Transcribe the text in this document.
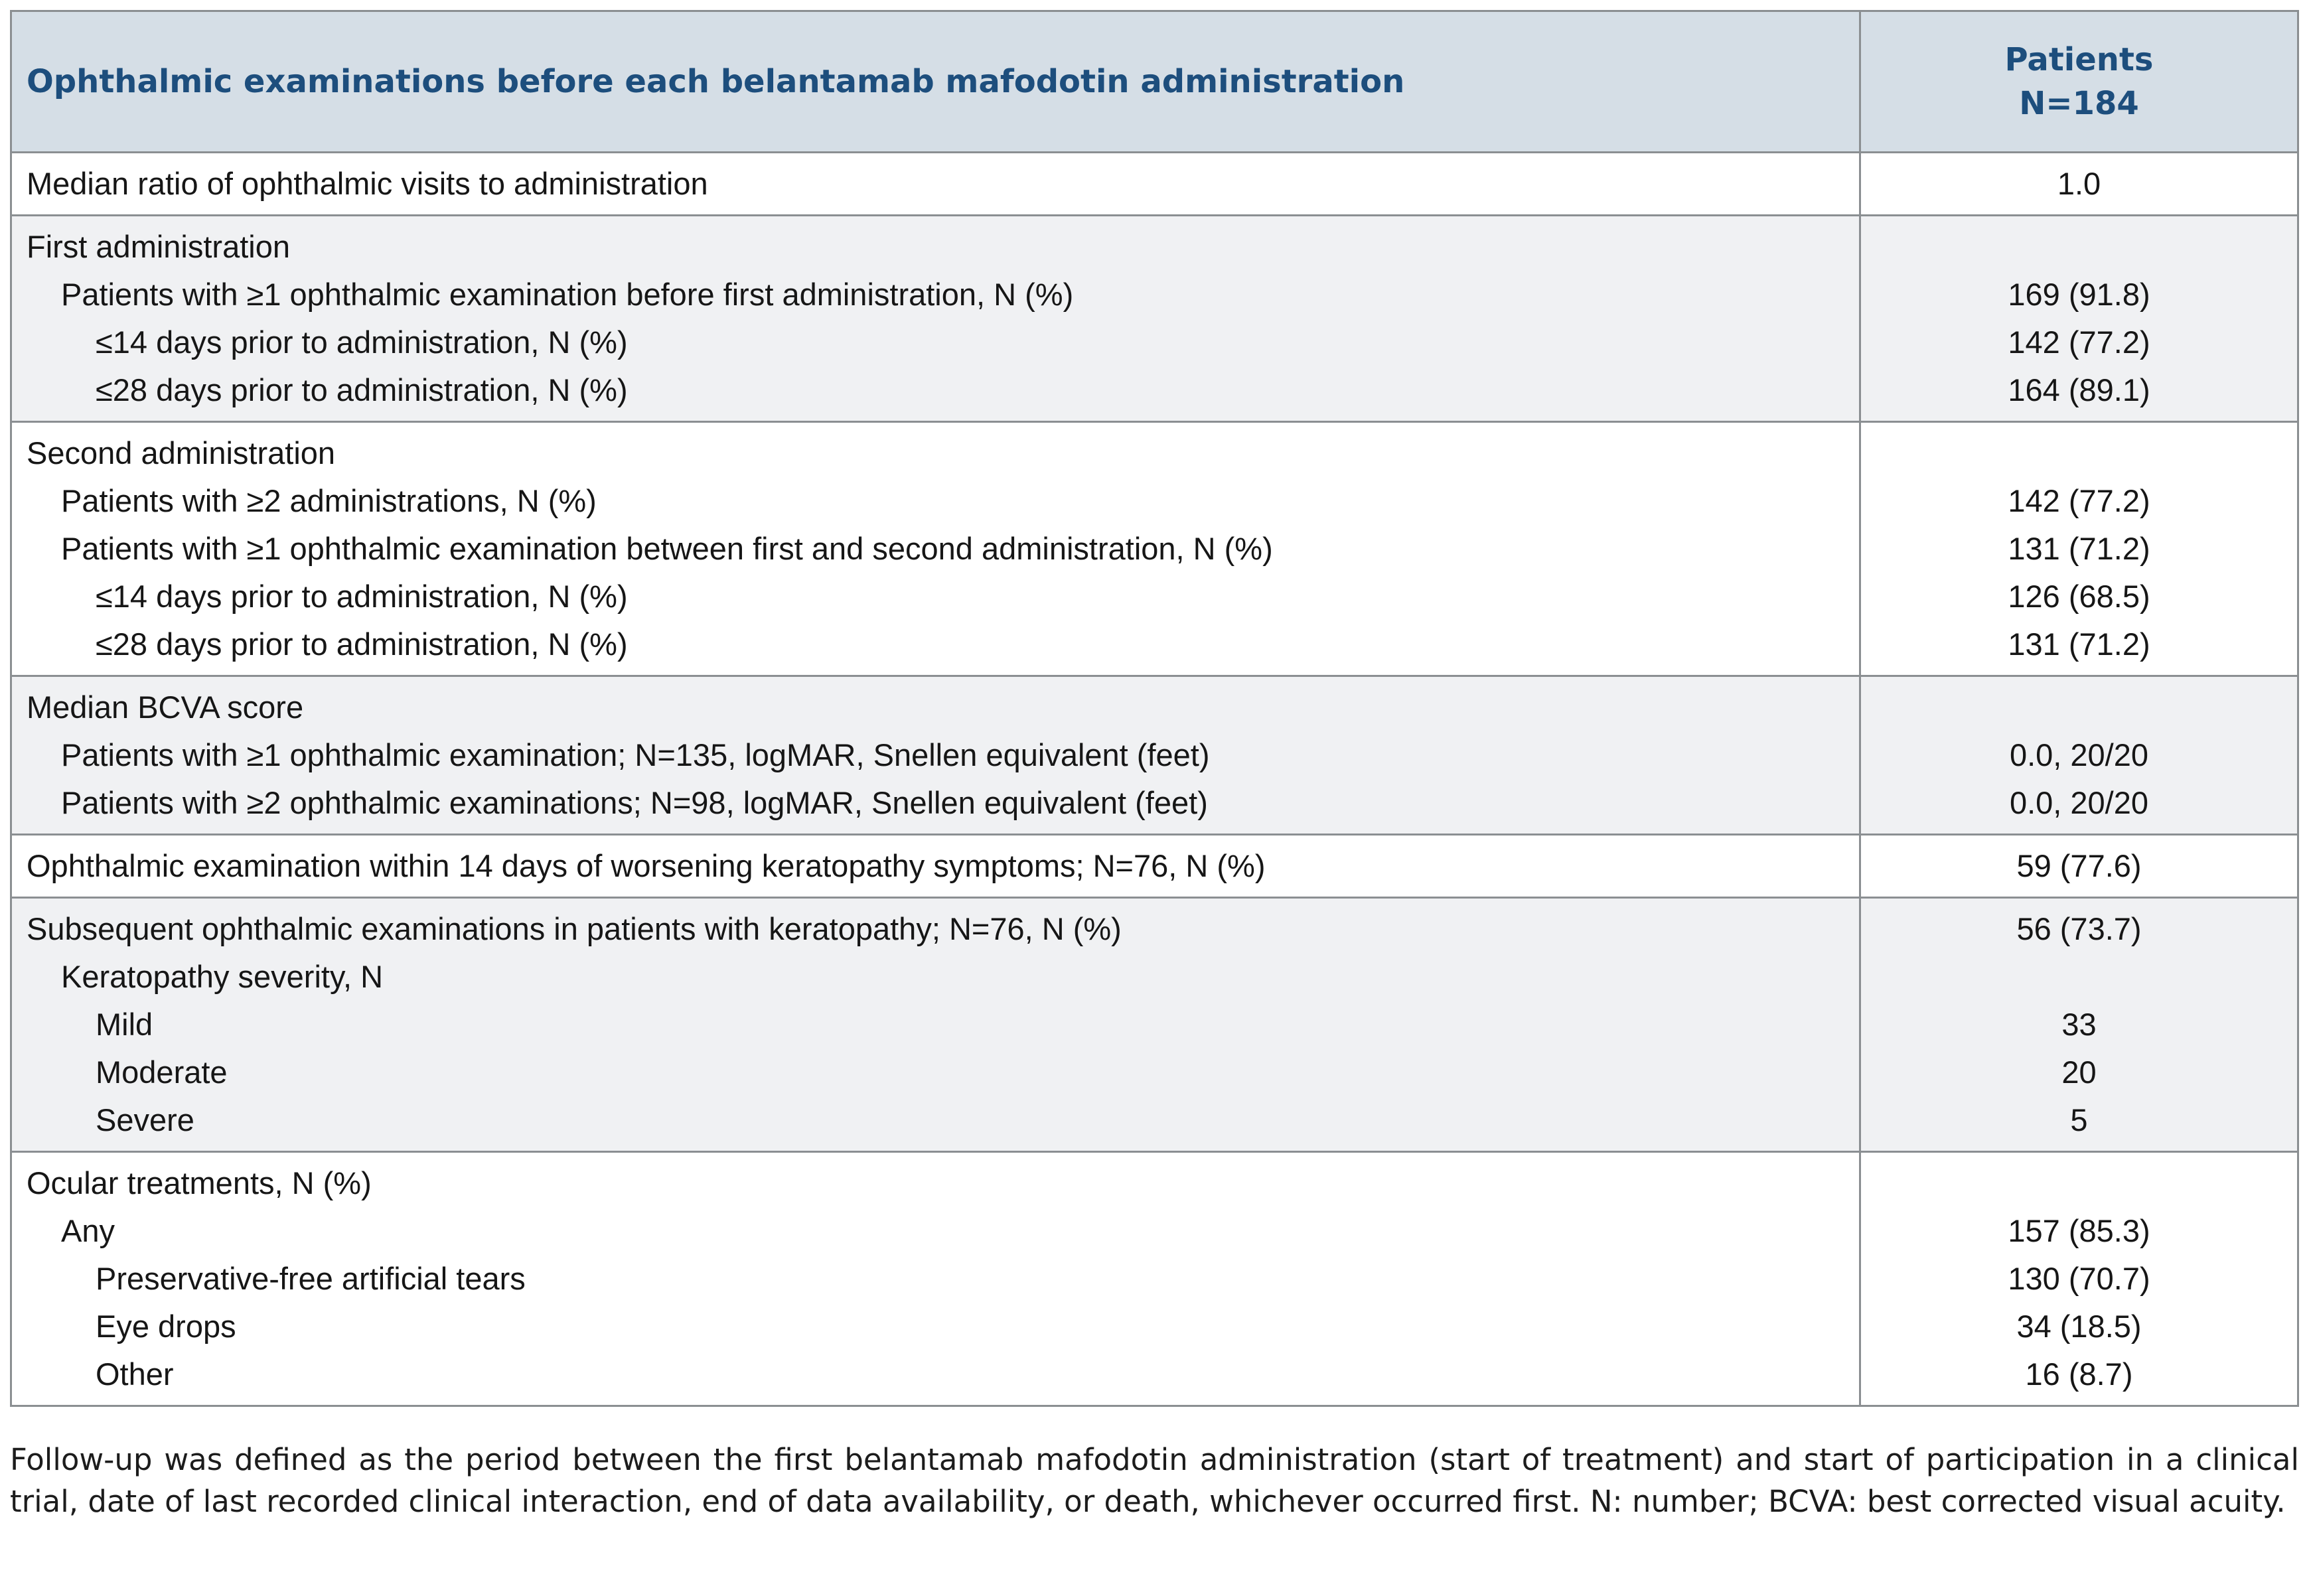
Ophthalmic examinations before each belantamab mafodotin administration
Patients
N=184
Median ratio of ophthalmic visits to administration	1.0
First administration
Patients with ≥1 ophthalmic examination before first administration, N (%)
≤14 days prior to administration, N (%)
≤28 days prior to administration, N (%)
169 (91.8)
142 (77.2)
164 (89.1)
Second administration
Patients with ≥2 administrations, N (%)
Patients with ≥1 ophthalmic examination between first and second administration, N (%)
≤14 days prior to administration, N (%)
≤28 days prior to administration, N (%)
142 (77.2)
131 (71.2)
126 (68.5)
131 (71.2)
Median BCVA score
Patients with ≥1 ophthalmic examination; N=135, logMAR, Snellen equivalent (feet)
Patients with ≥2 ophthalmic examinations; N=98, logMAR, Snellen equivalent (feet)
0.0, 20/20
0.0, 20/20
Ophthalmic examination within 14 days of worsening keratopathy symptoms; N=76, N (%)	59 (77.6)
Subsequent ophthalmic examinations in patients with keratopathy; N=76, N (%)
Keratopathy severity, N
Mild
Moderate
Severe
56 (73.7)
33
20
5
Ocular treatments, N (%)
Any
Preservative-free artificial tears
Eye drops
Other
157 (85.3)
130 (70.7)
34 (18.5)
16 (8.7)
Follow-up was defined as the period between the first belantamab mafodotin administration (start of treatment) and start of participation in a clinical trial, date of last recorded clinical interaction, end of data availability, or death, whichever occurred first. N: number; BCVA: best corrected visual acuity.
